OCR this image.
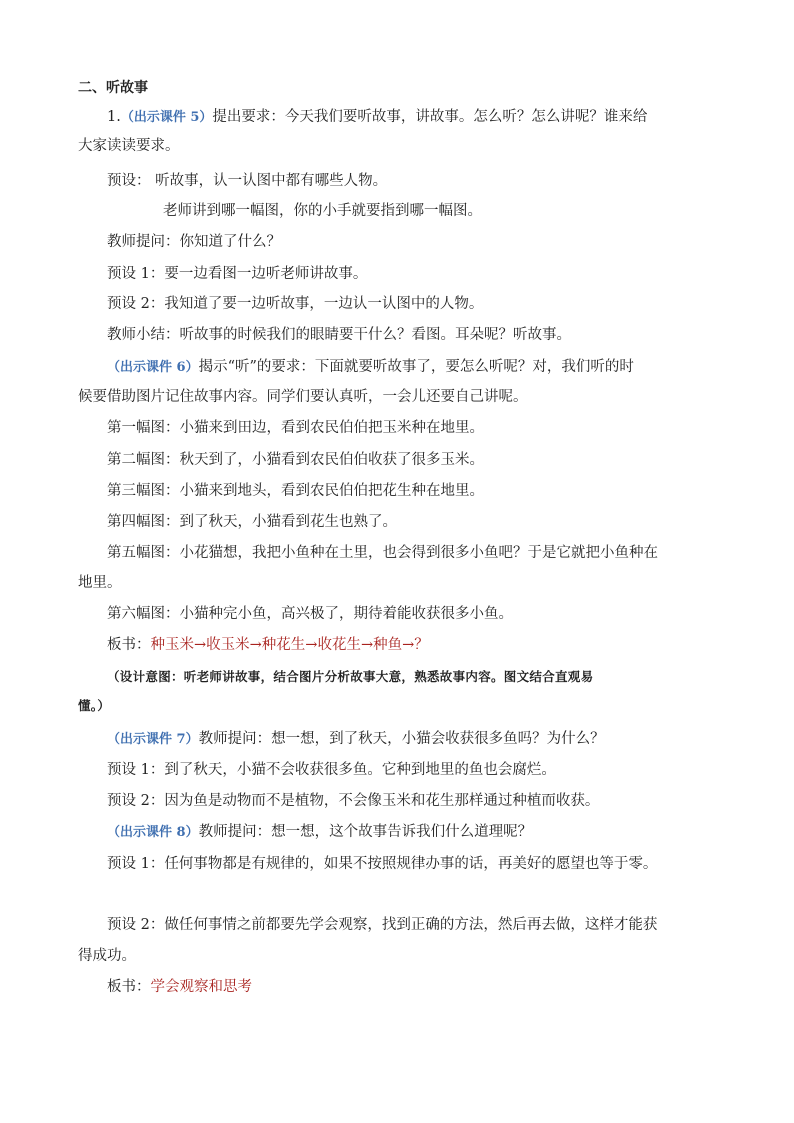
二、听故事
1.（出示课件 5）提出要求：今天我们要听故事，讲故事。怎么听？怎么讲呢？谁来给
大家读读要求。
预设： 听故事，认一认图中都有哪些人物。
老师讲到哪一幅图，你的小手就要指到哪一幅图。
教师提问：你知道了什么？
预设 1：要一边看图一边听老师讲故事。
预设 2：我知道了要一边听故事，一边认一认图中的人物。
教师小结：听故事的时候我们的眼睛要干什么？看图。耳朵呢？听故事。
（出示课件 6）揭示“听”的要求：下面就要听故事了，要怎么听呢？对，我们听的时
候要借助图片记住故事内容。同学们要认真听，一会儿还要自己讲呢。
第一幅图：小猫来到田边，看到农民伯伯把玉米种在地里。
第二幅图：秋天到了，小猫看到农民伯伯收获了很多玉米。
第三幅图：小猫来到地头，看到农民伯伯把花生种在地里。
第四幅图：到了秋天，小猫看到花生也熟了。
第五幅图：小花猫想，我把小鱼种在土里，也会得到很多小鱼吧？于是它就把小鱼种在
地里。
第六幅图：小猫种完小鱼，高兴极了，期待着能收获很多小鱼。
板书：种玉米→收玉米→种花生→收花生→种鱼→？
（设计意图：听老师讲故事，结合图片分析故事大意，熟悉故事内容。图文结合直观易
懂。）
（出示课件 7）教师提问：想一想，到了秋天，小猫会收获很多鱼吗？为什么？
预设 1：到了秋天，小猫不会收获很多鱼。它种到地里的鱼也会腐烂。
预设 2：因为鱼是动物而不是植物，不会像玉米和花生那样通过种植而收获。
（出示课件 8）教师提问：想一想，这个故事告诉我们什么道理呢？
预设 1：任何事物都是有规律的，如果不按照规律办事的话，再美好的愿望也等于零。
预设 2：做任何事情之前都要先学会观察，找到正确的方法，然后再去做，这样才能获
得成功。
板书：学会观察和思考
